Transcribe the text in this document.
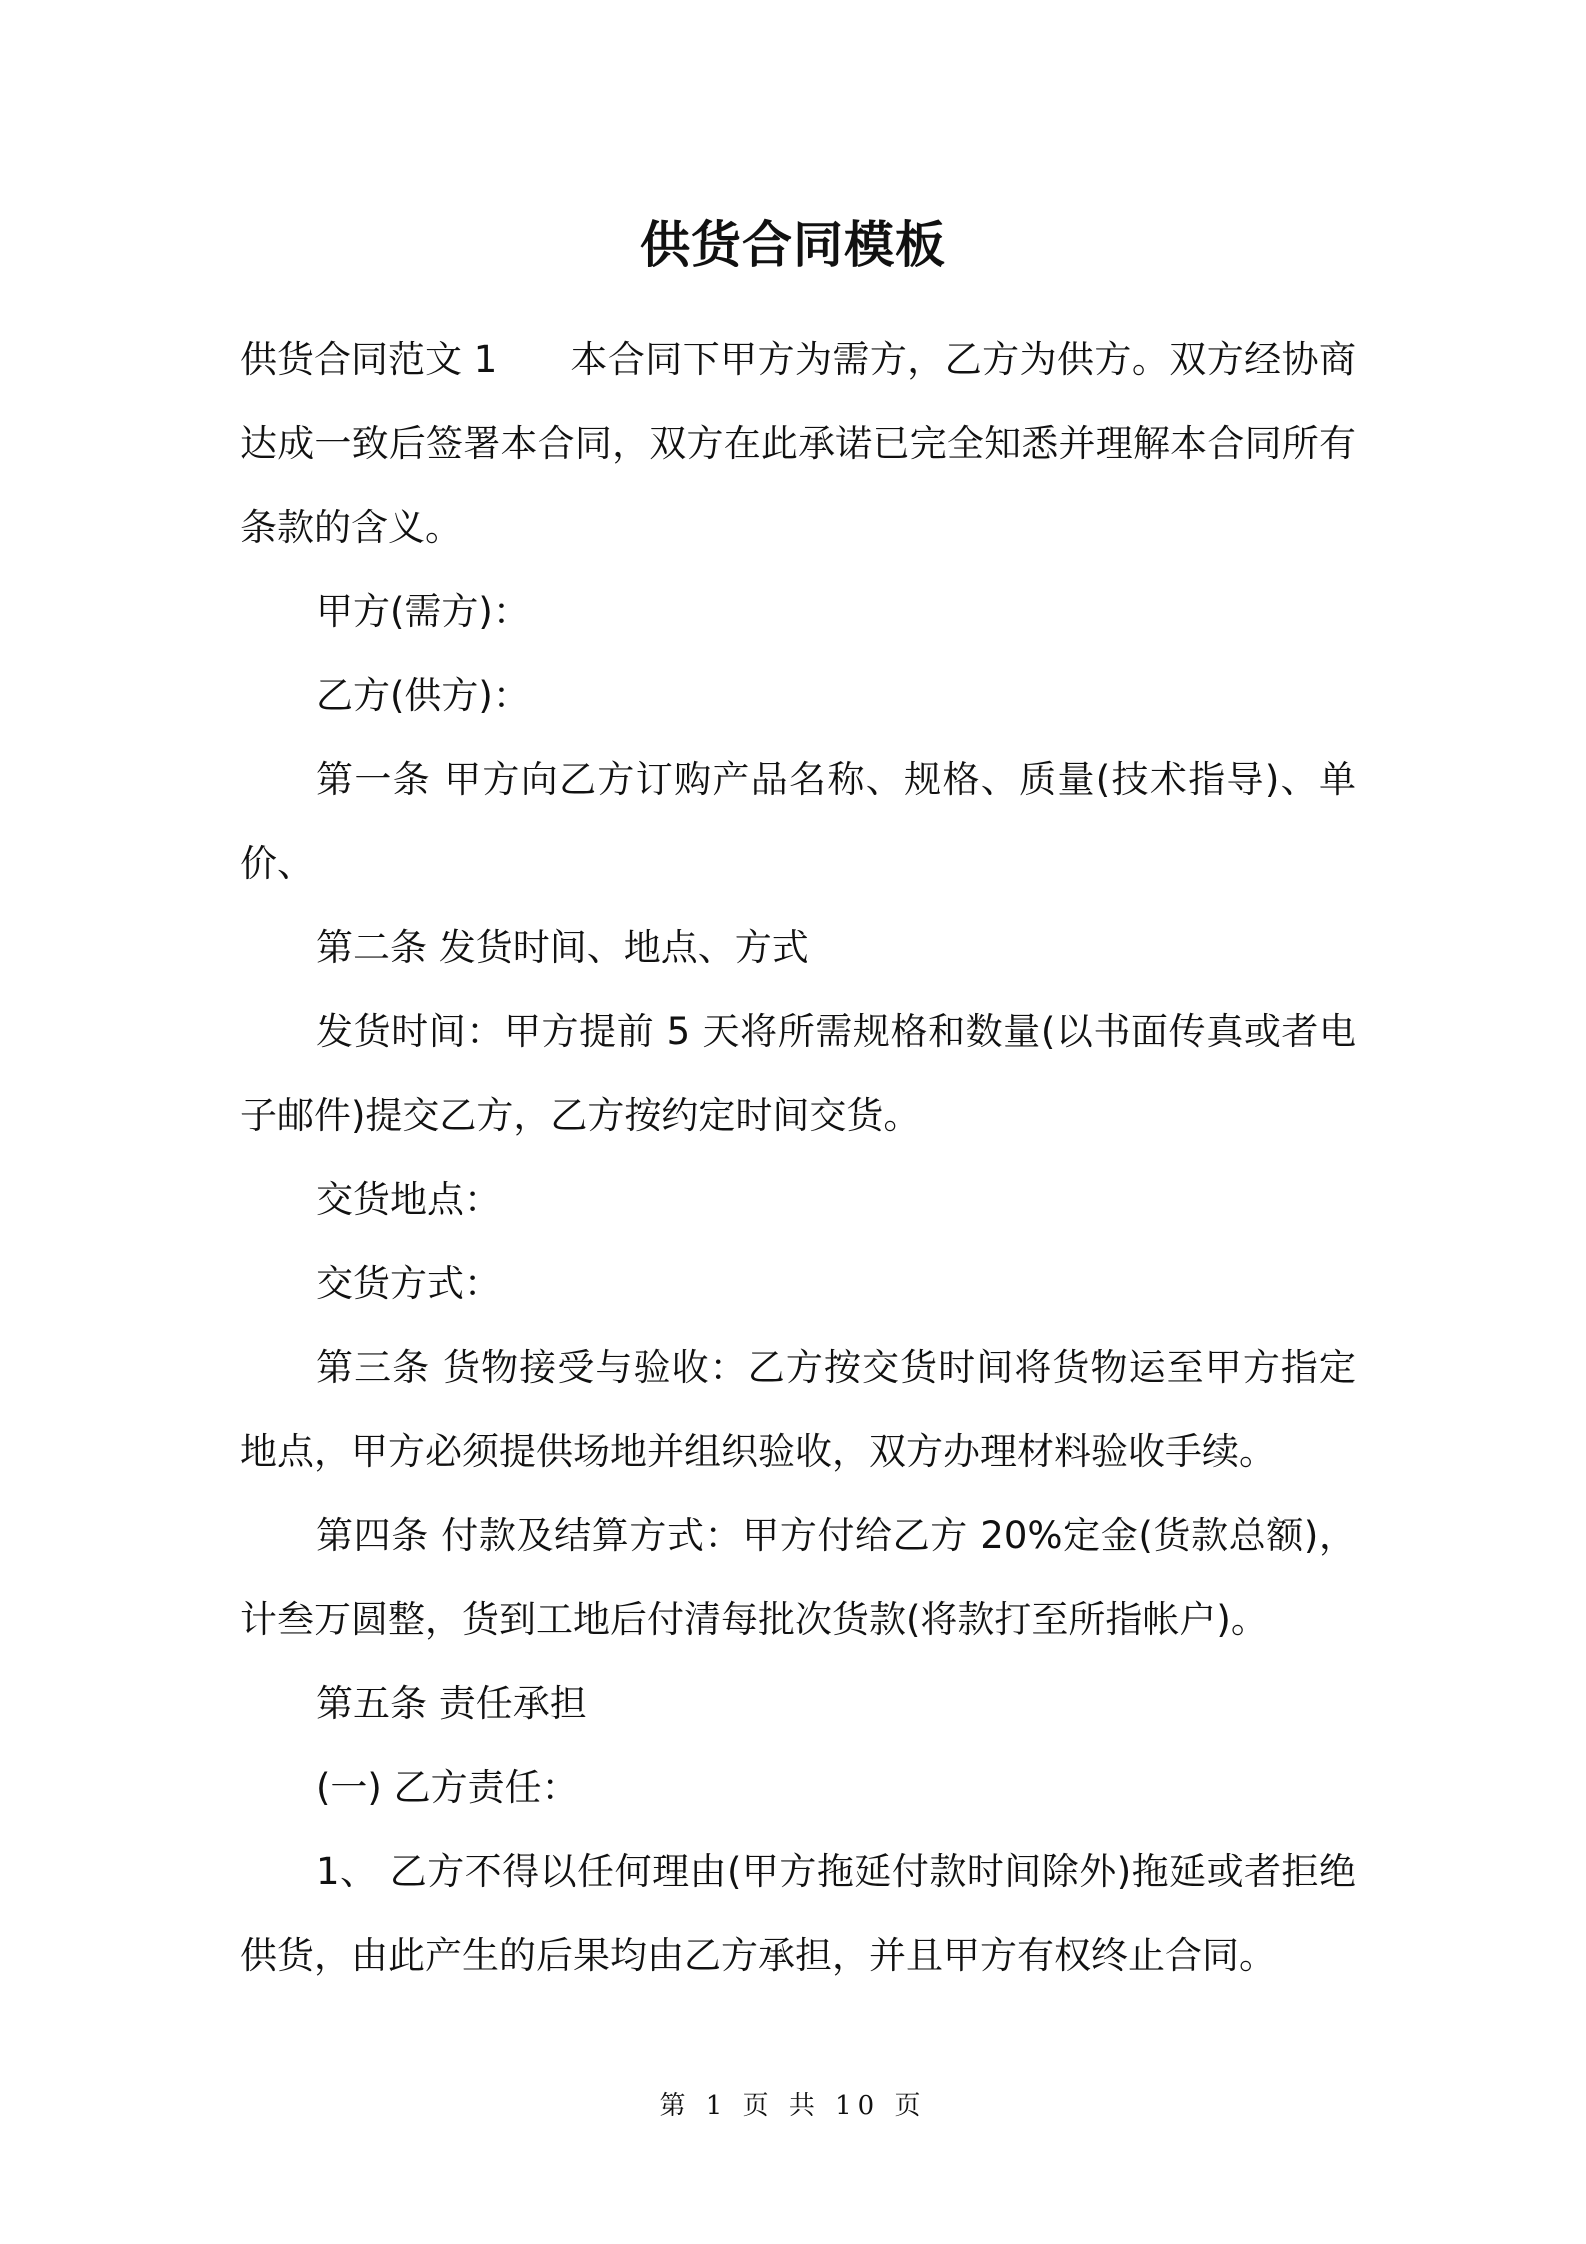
供货合同模板

供货合同范文 1 本合同下甲方为需方，乙方为供方。双方经协商达成一致后签署本合同，双方在此承诺已完全知悉并理解本合同所有条款的含义。

甲方(需方)：

乙方(供方)：

第一条 甲方向乙方订购产品名称、规格、质量(技术指导)、单价、

第二条 发货时间、地点、方式

发货时间：甲方提前 5 天将所需规格和数量(以书面传真或者电子邮件)提交乙方，乙方按约定时间交货。

交货地点：

交货方式：

第三条 货物接受与验收：乙方按交货时间将货物运至甲方指定地点，甲方必须提供场地并组织验收，双方办理材料验收手续。

第四条 付款及结算方式：甲方付给乙方 20%定金(货款总额)，计叁万圆整，货到工地后付清每批次货款(将款打至所指帐户)。

第五条 责任承担

(一) 乙方责任：

1、 乙方不得以任何理由(甲方拖延付款时间除外)拖延或者拒绝供货，由此产生的后果均由乙方承担，并且甲方有权终止合同。

第 1 页 共 10 页
